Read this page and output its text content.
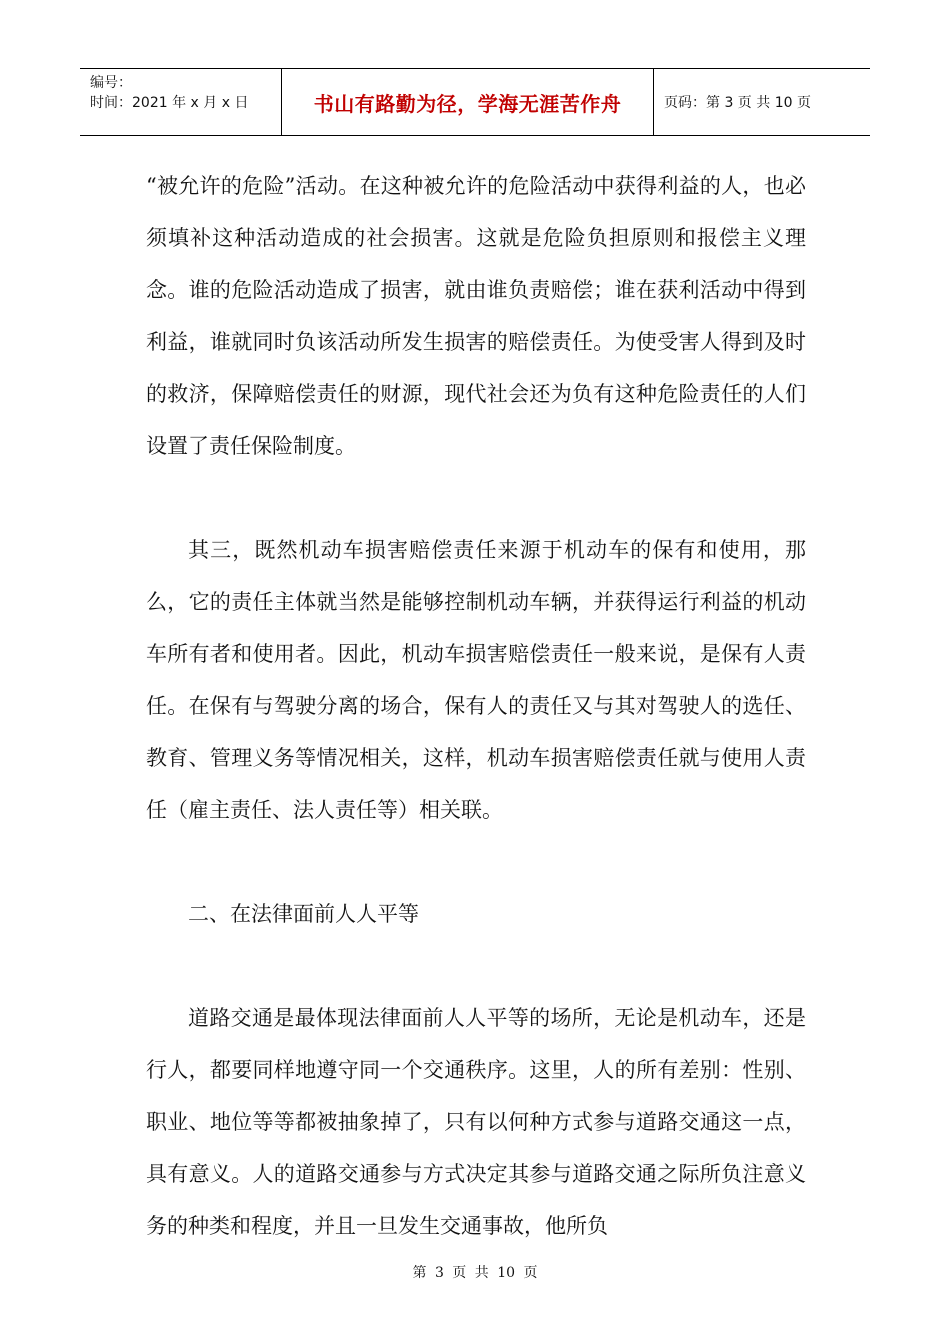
编号：
时间：2021 年 x 月 x 日	书山有路勤为径，学海无涯苦作舟	页码：第 3 页 共 10 页

“被允许的危险”活动。在这种被允许的危险活动中获得利益的人，也必须填补这种活动造成的社会损害。这就是危险负担原则和报偿主义理念。谁的危险活动造成了损害，就由谁负责赔偿；谁在获利活动中得到利益，谁就同时负该活动所发生损害的赔偿责任。为使受害人得到及时的救济，保障赔偿责任的财源，现代社会还为负有这种危险责任的人们设置了责任保险制度。

其三，既然机动车损害赔偿责任来源于机动车的保有和使用，那么，它的责任主体就当然是能够控制机动车辆，并获得运行利益的机动车所有者和使用者。因此，机动车损害赔偿责任一般来说，是保有人责任。在保有与驾驶分离的场合，保有人的责任又与其对驾驶人的选任、教育、管理义务等情况相关，这样，机动车损害赔偿责任就与使用人责任（雇主责任、法人责任等）相关联。

二、在法律面前人人平等

道路交通是最体现法律面前人人平等的场所，无论是机动车，还是行人，都要同样地遵守同一个交通秩序。这里，人的所有差别：性别、职业、地位等等都被抽象掉了，只有以何种方式参与道路交通这一点，具有意义。人的道路交通参与方式决定其参与道路交通之际所负注意义务的种类和程度，并且一旦发生交通事故，他所负

第 3 页 共 10 页
